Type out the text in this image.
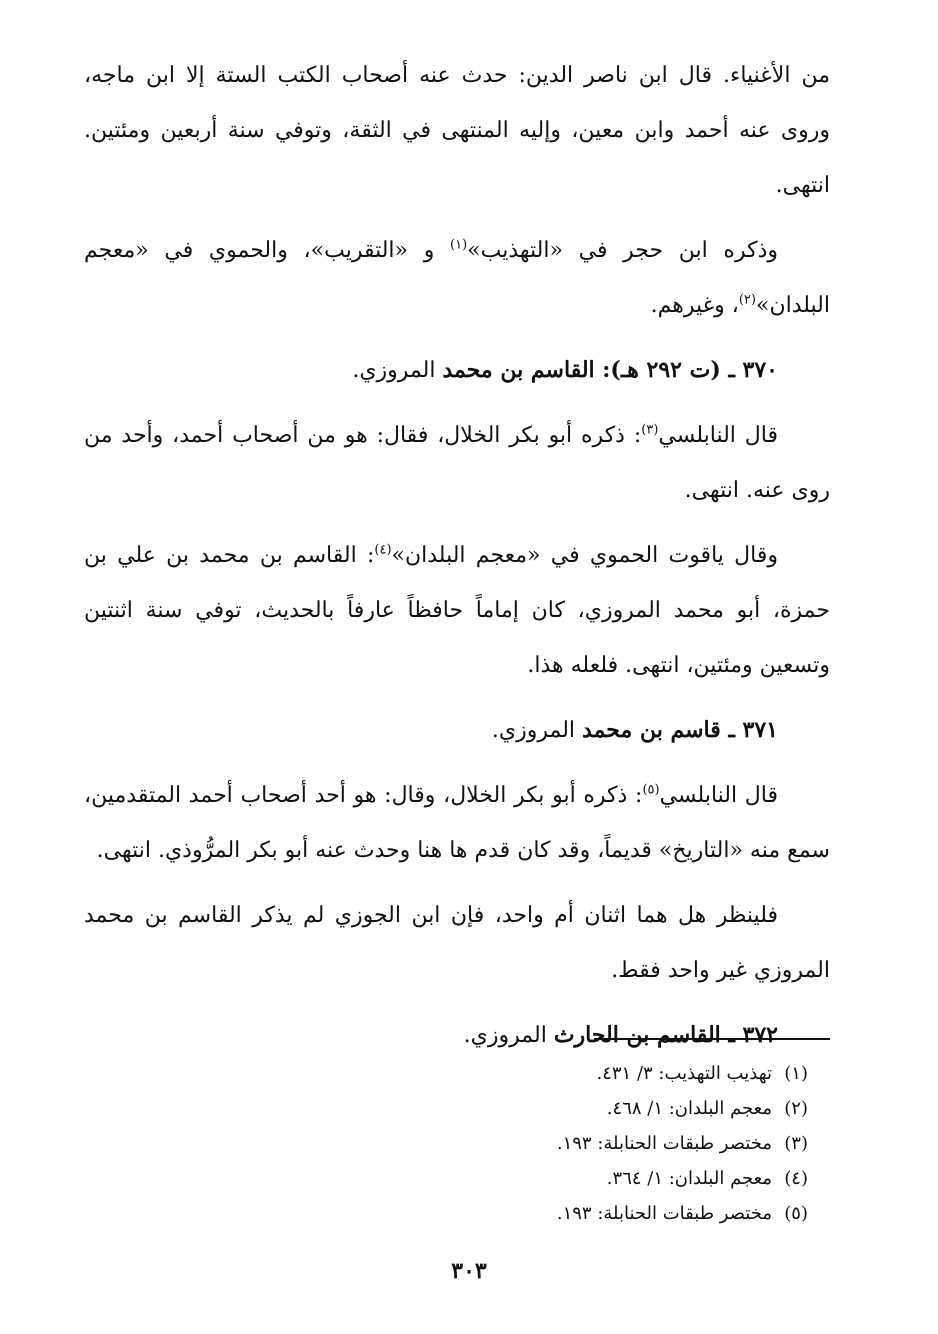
من الأغنياء. قال ابن ناصر الدين: حدث عنه أصحاب الكتب الستة إلا ابن ماجه، وروى عنه أحمد وابن معين، وإليه المنتهى في الثقة، وتوفي سنة أربعين ومئتين. انتهى.

وذكره ابن حجر في «التهذيب»$^{(١)}$ و «التقريب»، والحموي في «معجم البلدان»$^{(٢)}$، وغيرهم.

٣٧٠ ـ (ت ٢٩٢ هـ): القاسم بن محمد المروزي.

قال النابلسي$^{(٣)}$: ذكره أبو بكر الخلال، فقال: هو من أصحاب أحمد، وأحد من روى عنه. انتهى.

وقال ياقوت الحموي في «معجم البلدان»$^{(٤)}$: القاسم بن محمد بن علي بن حمزة، أبو محمد المروزي، كان إماماً حافظاً عارفاً بالحديث، توفي سنة اثنتين وتسعين ومئتين، انتهى. فلعله هذا.

٣٧١ ـ قاسم بن محمد المروزي.

قال النابلسي$^{(٥)}$: ذكره أبو بكر الخلال، وقال: هو أحد أصحاب أحمد المتقدمين، سمع منه «التاريخ» قديماً، وقد كان قدم ها هنا وحدث عنه أبو بكر المرُّوذي. انتهى.

فلينظر هل هما اثنان أم واحد، فإن ابن الجوزي لم يذكر القاسم بن محمد المروزي غير واحد فقط.

٣٧٢ ـ القاسم بن الحارث المروزي.

(١)تهذيب التهذيب: ٣/ ٤٣١.
(٢)معجم البلدان: ١/ ٤٦٨.
(٣)مختصر طبقات الحنابلة: ١٩٣.
(٤)معجم البلدان: ١/ ٣٦٤.
(٥)مختصر طبقات الحنابلة: ١٩٣.
٣٠٣
